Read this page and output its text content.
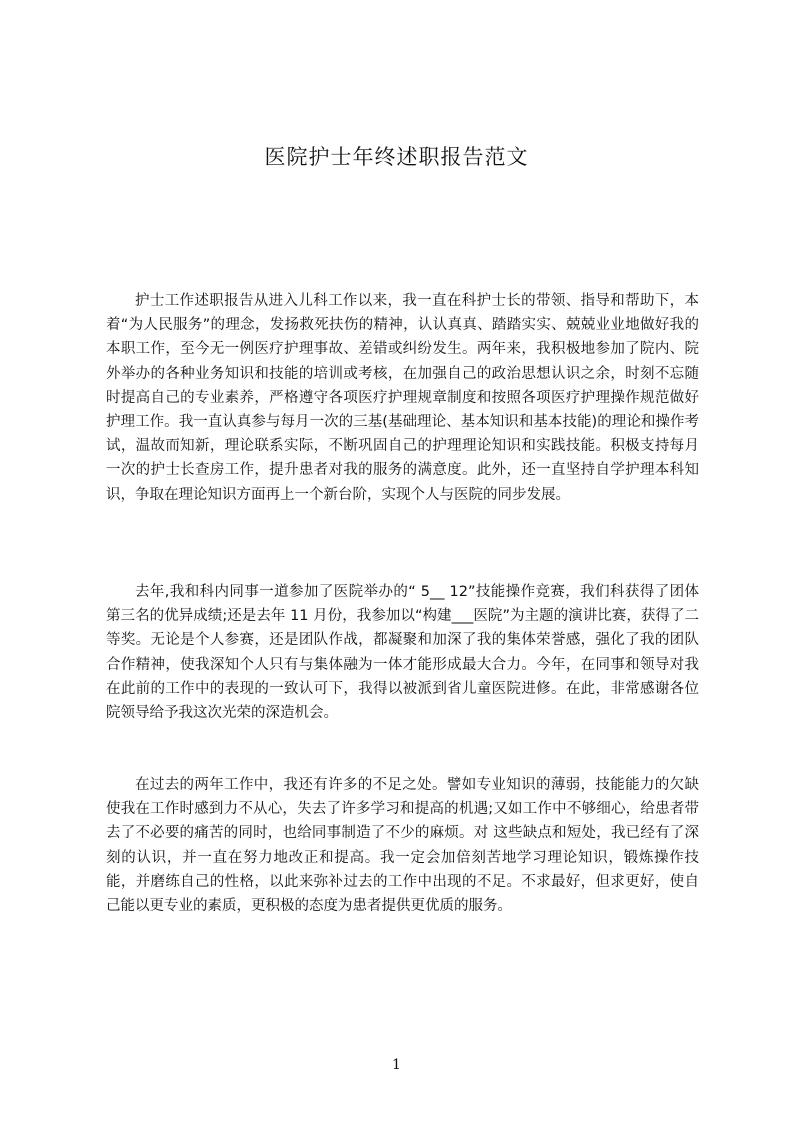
医院护士年终述职报告范文

护士工作述职报告从进入儿科工作以来，我一直在科护士长的带领、指导和帮助下，本着“为人民服务”的理念，发扬救死扶伤的精神，认认真真、踏踏实实、兢兢业业地做好我的本职工作，至今无一例医疗护理事故、差错或纠纷发生。两年来，我积极地参加了院内、院外举办的各种业务知识和技能的培训或考核，在加强自己的政治思想认识之余，时刻不忘随时提高自己的专业素养，严格遵守各项医疗护理规章制度和按照各项医疗护理操作规范做好护理工作。我一直认真参与每月一次的三基(基础理论、基本知识和基本技能)的理论和操作考试，温故而知新，理论联系实际，不断巩固自己的护理理论知识和实践技能。积极支持每月一次的护士长查房工作，提升患者对我的服务的满意度。此外，还一直坚持自学护理本科知识，争取在理论知识方面再上一个新台阶，实现个人与医院的同步发展。

去年,我和科内同事一道参加了医院举办的“ 5__ 12”技能操作竞赛，我们科获得了团体第三名的优异成绩;还是去年 11 月份，我参加以“构建___医院”为主题的演讲比赛，获得了二等奖。无论是个人参赛，还是团队作战，都凝聚和加深了我的集体荣誉感，强化了我的团队合作精神，使我深知个人只有与集体融为一体才能形成最大合力。今年，在同事和领导对我在此前的工作中的表现的一致认可下，我得以被派到省儿童医院进修。在此，非常感谢各位院领导给予我这次光荣的深造机会。

在过去的两年工作中，我还有许多的不足之处。譬如专业知识的薄弱，技能能力的欠缺使我在工作时感到力不从心，失去了许多学习和提高的机遇;又如工作中不够细心，给患者带去了不必要的痛苦的同时，也给同事制造了不少的麻烦。对 这些缺点和短处，我已经有了深刻的认识，并一直在努力地改正和提高。我一定会加倍刻苦地学习理论知识，锻炼操作技能，并磨练自己的性格，以此来弥补过去的工作中出现的不足。不求最好，但求更好，使自己能以更专业的素质，更积极的态度为患者提供更优质的服务。

1
